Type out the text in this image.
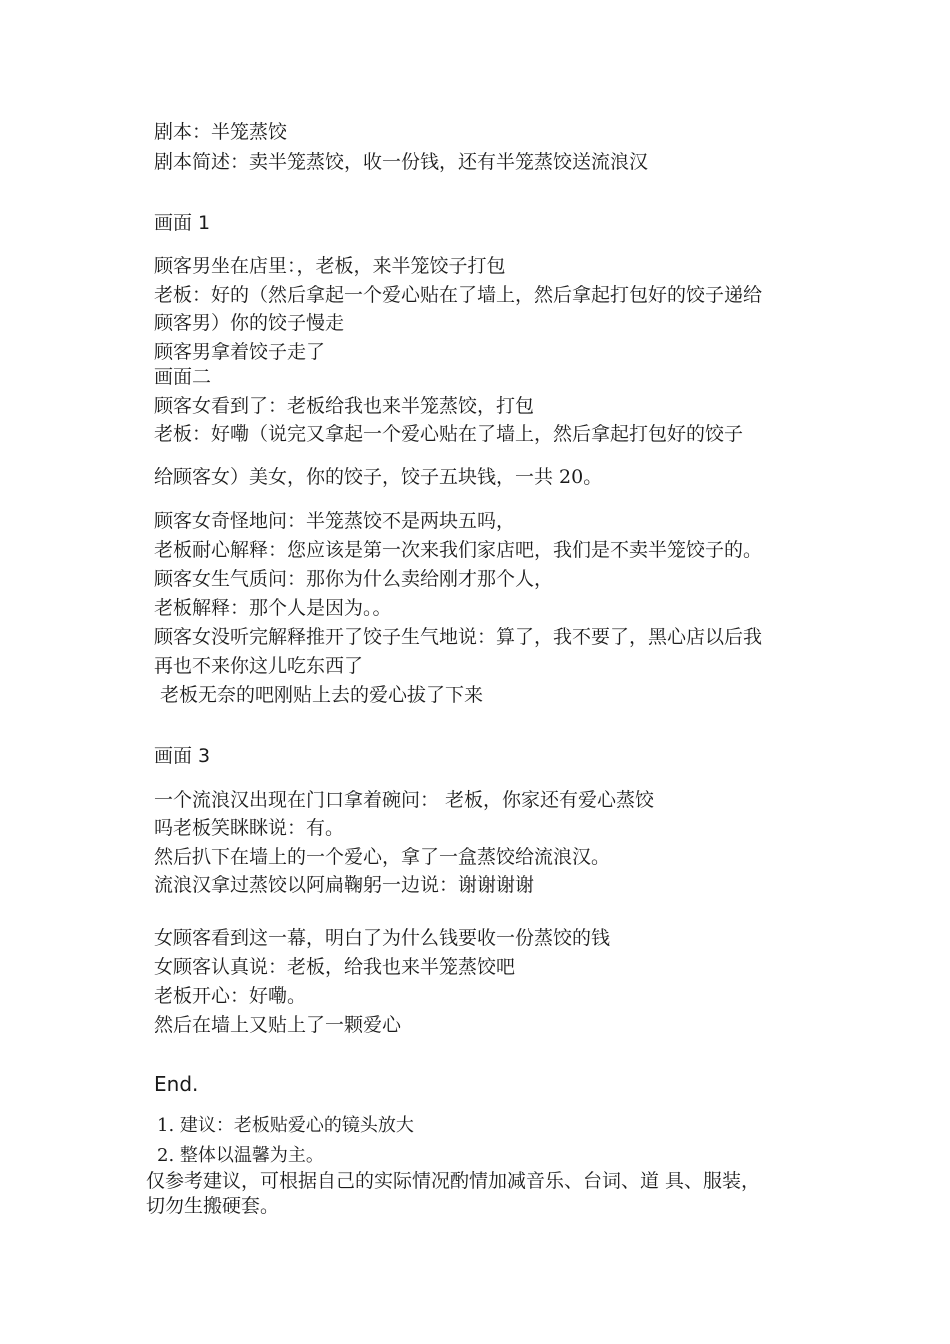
剧本：半笼蒸饺
剧本简述：卖半笼蒸饺，收一份钱，还有半笼蒸饺送流浪汉
画面 1
顾客男坐在店里：，老板，来半笼饺子打包
老板：好的（然后拿起一个爱心贴在了墙上，然后拿起打包好的饺子递给
顾客男）你的饺子慢走
顾客男拿着饺子走了
画面二
顾客女看到了：老板给我也来半笼蒸饺，打包
老板：好嘞（说完又拿起一个爱心贴在了墙上，然后拿起打包好的饺子
给顾客女）美女，你的饺子，饺子五块钱，一共 20。
顾客女奇怪地问：半笼蒸饺不是两块五吗，
老板耐心解释：您应该是第一次来我们家店吧，我们是不卖半笼饺子的。
顾客女生气质问：那你为什么卖给刚才那个人，
老板解释：那个人是因为。。
顾客女没听完解释推开了饺子生气地说：算了，我不要了，黑心店以后我
再也不来你这儿吃东西了
老板无奈的吧刚贴上去的爱心拔了下来
画面 3
一个流浪汉出现在门口拿着碗问： 老板，你家还有爱心蒸饺
吗老板笑眯眯说：有。
然后扒下在墙上的一个爱心，拿了一盒蒸饺给流浪汉。
流浪汉拿过蒸饺以阿扁鞠躬一边说：谢谢谢谢
女顾客看到这一幕，明白了为什么钱要收一份蒸饺的钱
女顾客认真说：老板，给我也来半笼蒸饺吧
老板开心：好嘞。
然后在墙上又贴上了一颗爱心
End.
1. 建议：老板贴爱心的镜头放大
2. 整体以温馨为主。
仅参考建议，可根据自己的实际情况酌情加减音乐、台词、道 具、服装，
切勿生搬硬套。
